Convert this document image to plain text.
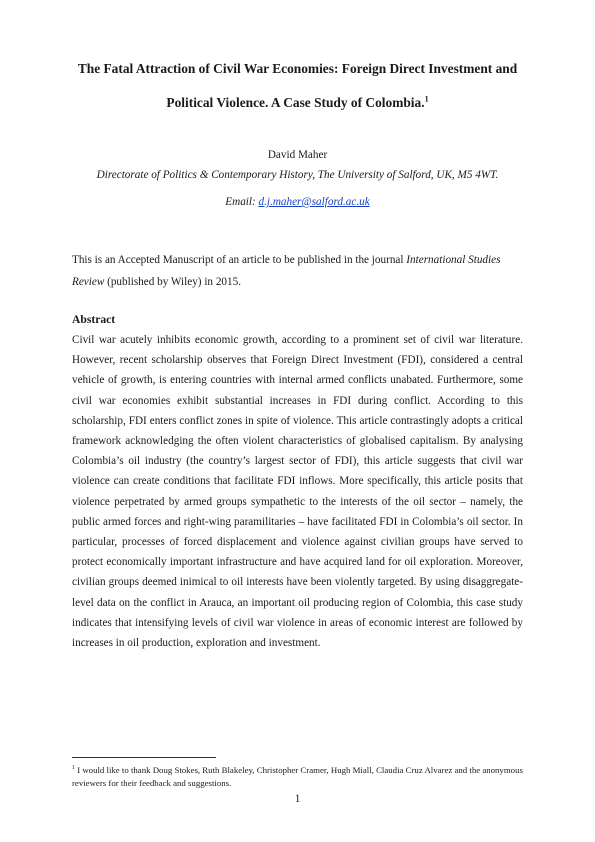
The Fatal Attraction of Civil War Economies: Foreign Direct Investment and Political Violence. A Case Study of Colombia.$^1$
David Maher
Directorate of Politics & Contemporary History, The University of Salford, UK, M5 4WT.
Email: d.j.maher@salford.ac.uk

This is an Accepted Manuscript of an article to be published in the journal International Studies Review (published by Wiley) in 2015.

Abstract

Civil war acutely inhibits economic growth, according to a prominent set of civil war literature. However, recent scholarship observes that Foreign Direct Investment (FDI), considered a central vehicle of growth, is entering countries with internal armed conflicts unabated. Furthermore, some civil war economies exhibit substantial increases in FDI during conflict. According to this scholarship, FDI enters conflict zones in spite of violence. This article contrastingly adopts a critical framework acknowledging the often violent characteristics of globalised capitalism. By analysing Colombia’s oil industry (the country’s largest sector of FDI), this article suggests that civil war violence can create conditions that facilitate FDI inflows. More specifically, this article posits that violence perpetrated by armed groups sympathetic to the interests of the oil sector – namely, the public armed forces and right-wing paramilitaries – have facilitated FDI in Colombia’s oil sector. In particular, processes of forced displacement and violence against civilian groups have served to protect economically important infrastructure and have acquired land for oil exploration. Moreover, civilian groups deemed inimical to oil interests have been violently targeted. By using disaggregate-level data on the conflict in Arauca, an important oil producing region of Colombia, this case study indicates that intensifying levels of civil war violence in areas of economic interest are followed by increases in oil production, exploration and investment.

$^1$ I would like to thank Doug Stokes, Ruth Blakeley, Christopher Cramer, Hugh Miall, Claudia Cruz Alvarez and the anonymous reviewers for their feedback and suggestions.

1
